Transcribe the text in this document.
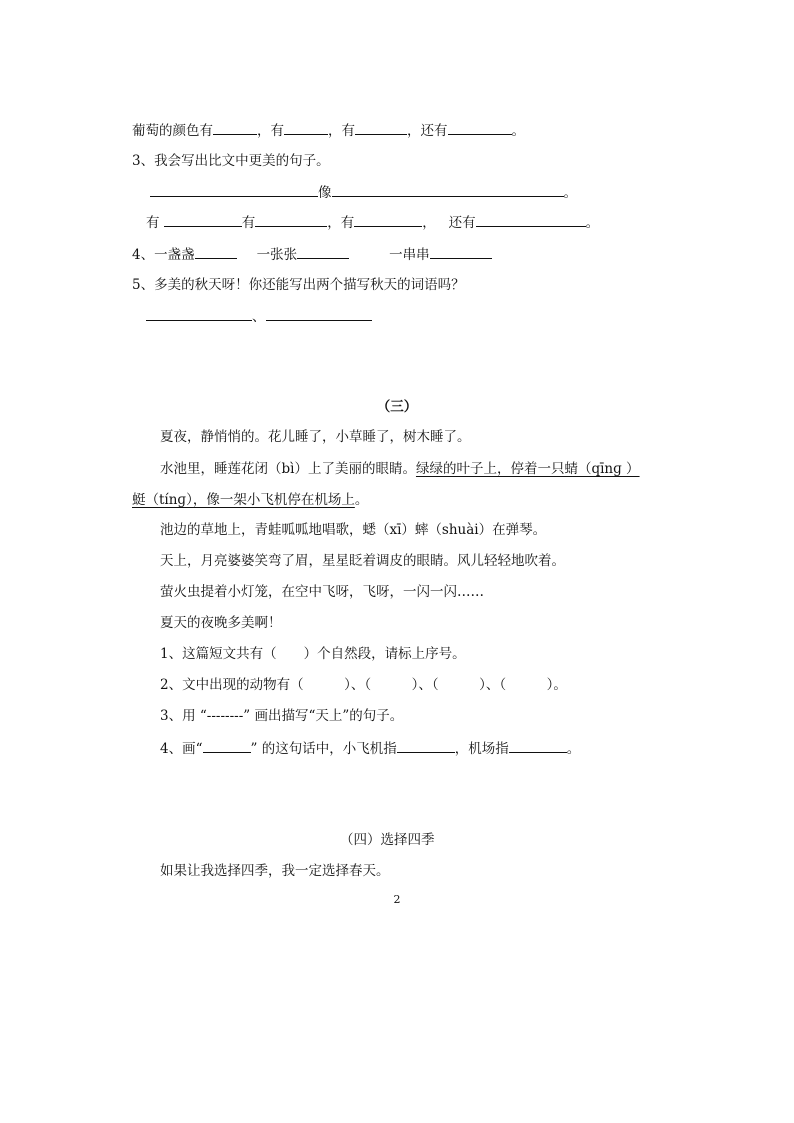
葡萄的颜色有	，有	，有	，还有	。
3、我会写出比文中更美的句子。
像	。
有	有	，有	， 还有	。
4、一盏盏	一张张	一串串
5、多美的秋天呀！你还能写出两个描写秋天的词语吗？
、
（三）
夏夜，静悄悄的。花儿睡了，小草睡了，树木睡了。
水池里，睡莲花闭（bì）上了美丽的眼睛。绿绿的叶子上，停着一只蜻（qīnɡ ）
蜓（tínɡ），像一架小飞机停在机场上。
池边的草地上，青蛙呱呱地唱歌，蟋（xī）蟀（shuài）在弹琴。
天上，月亮婆婆笑弯了眉，星星眨着调皮的眼睛。风儿轻轻地吹着。
萤火虫提着小灯笼，在空中飞呀，飞呀，一闪一闪……
夏天的夜晚多美啊！
1、这篇短文共有（　　）个自然段，请标上序号。
2、文中出现的动物有（　　　）、（　　　）、（　　　）、（　　　）。
3、用 “--------” 画出描写“天上”的句子。
4、画“	” 的这句话中，小飞机指	，机场指	。
（四）选择四季
如果让我选择四季，我一定选择春天。
2
